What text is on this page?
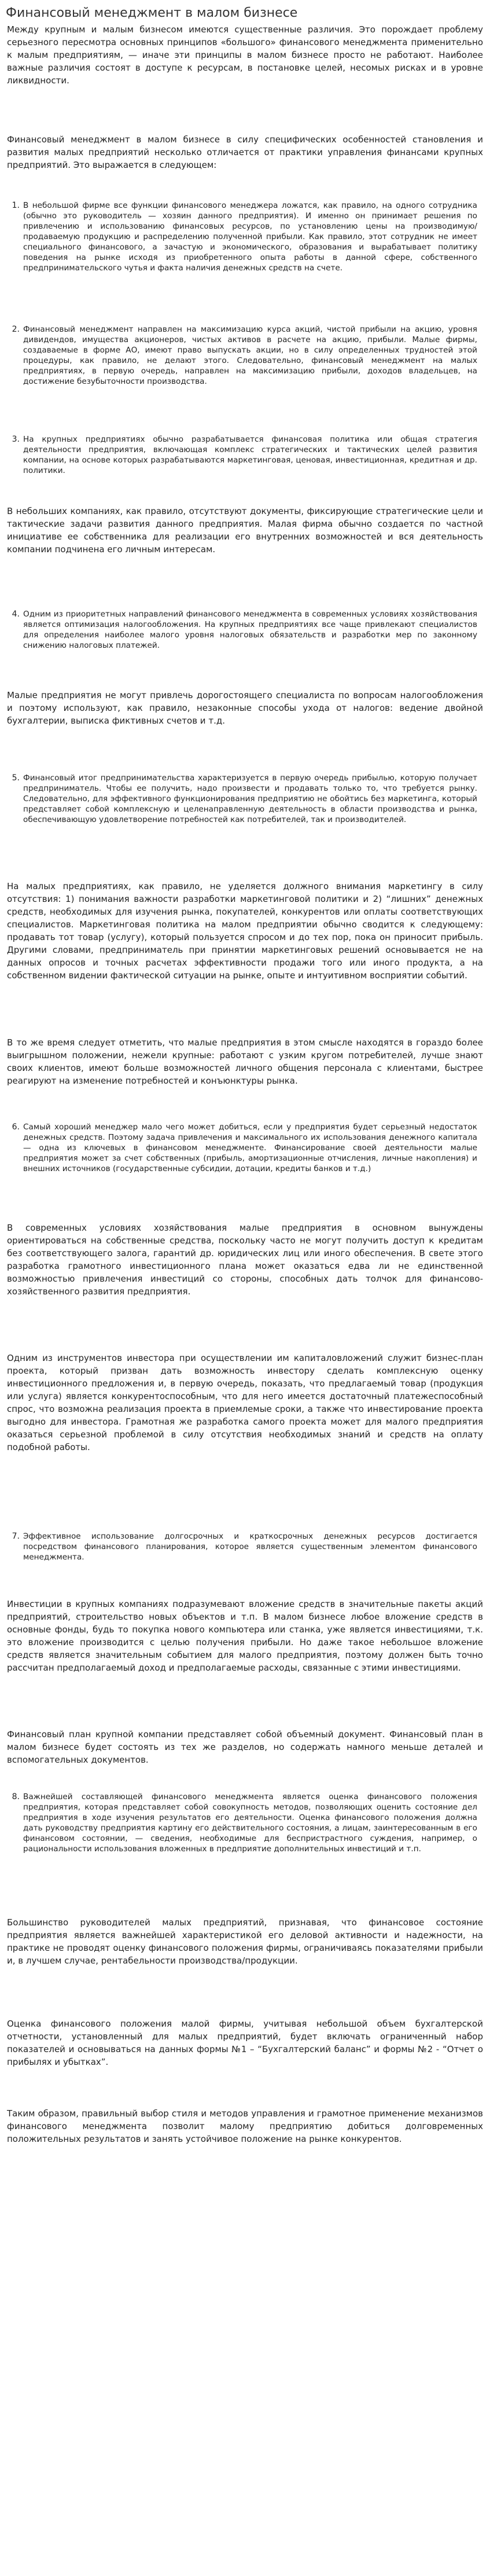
Финансовый менеджмент в малом бизнесе

Между крупным и малым бизнесом имеются существенные различия. Это порождает проблему серьезного пересмотра основных принципов «большого» финансового менеджмента применительно к малым предприятиям, — иначе эти принципы в малом бизнесе просто не работают. Наиболее важные различия состоят в доступе к ресурсам, в постановке целей, несомых рисках и в уровне ликвидности.

Финансовый менеджмент в малом бизнесе в силу специфических особенностей становления и развития малых предприятий несколько отличается от практики управления финансами крупных предприятий. Это выражается в следующем:

1. В небольшой фирме все функции финансового менеджера ложатся, как правило, на одного сотрудника (обычно это руководитель — хозяин данного предприятия). И именно он принимает решения по привлечению и использованию финансовых ресурсов, по установлению цены на производимую/продаваемую продукцию и распределению полученной прибыли. Как правило, этот сотрудник не имеет специального финансового, а зачастую и экономического, образования и вырабатывает политику поведения на рынке исходя из приобретенного опыта работы в данной сфере, собственного предпринимательского чутья и факта наличия денежных средств на счете.
2. Финансовый менеджмент направлен на максимизацию курса акций, чистой прибыли на акцию, уровня дивидендов, имущества акционеров, чистых активов в расчете на акцию, прибыли. Малые фирмы, создаваемые в форме АО, имеют право выпускать акции, но в силу определенных трудностей этой процедуры, как правило, не делают этого. Следовательно, финансовый менеджмент на малых предприятиях, в первую очередь, направлен на максимизацию прибыли, доходов владельцев, на достижение безубыточности производства.
3. На крупных предприятиях обычно разрабатывается финансовая политика или общая стратегия деятельности предприятия, включающая комплекс стратегических и тактических целей развития компании, на основе которых разрабатываются маркетинговая, ценовая, инвестиционная, кредитная и др. политики.

В небольших компаниях, как правило, отсутствуют документы, фиксирующие стратегические цели и тактические задачи развития данного предприятия. Малая фирма обычно создается по частной инициативе ее собственника для реализации его внутренних возможностей и вся деятельность компании подчинена его личным интересам.

4. Одним из приоритетных направлений финансового менеджмента в современных условиях хозяйствования является оптимизация налогообложения. На крупных предприятиях все чаще привлекают специалистов для определения наиболее малого уровня налоговых обязательств и разработки мер по законному снижению налоговых платежей.

Малые предприятия не могут привлечь дорогостоящего специалиста по вопросам налогообложения и поэтому используют, как правило, незаконные способы ухода от налогов: ведение двойной бухгалтерии, выписка фиктивных счетов и т.д.

5. Финансовый итог предпринимательства характеризуется в первую очередь прибылью, которую получает предприниматель. Чтобы ее получить, надо произвести и продавать только то, что требуется рынку. Следовательно, для эффективного функционирования предприятию не обойтись без маркетинга, который представляет собой комплексную и целенаправленную деятельность в области производства и рынка, обеспечивающую удовлетворение потребностей как потребителей, так и производителей.

На малых предприятиях, как правило, не уделяется должного внимания маркетингу в силу отсутствия: 1) понимания важности разработки маркетинговой политики и 2) “лишних” денежных средств, необходимых для изучения рынка, покупателей, конкурентов или оплаты соответствующих специалистов. Маркетинговая политика на малом предприятии обычно сводится к следующему: продавать тот товар (услугу), который пользуется спросом и до тех пор, пока он приносит прибыль. Другими словами, предприниматель при принятии маркетинговых решений основывается не на данных опросов и точных расчетах эффективности продажи того или иного продукта, а на собственном видении фактической ситуации на рынке, опыте и интуитивном восприятии событий.

В то же время следует отметить, что малые предприятия в этом смысле находятся в гораздо более выигрышном положении, нежели крупные: работают с узким кругом потребителей, лучше знают своих клиентов, имеют больше возможностей личного общения персонала с клиентами, быстрее реагируют на изменение потребностей и конъюнктуры рынка.

6. Самый хороший менеджер мало чего может добиться, если у предприятия будет серьезный недостаток денежных средств. Поэтому задача привлечения и максимального их использования денежного капитала — одна из ключевых в финансовом менеджменте. Финансирование своей деятельности малые предприятия может за счет собственных (прибыль, амортизационные отчисления, личные накопления) и внешних источников (государственные субсидии, дотации, кредиты банков и т.д.)

В современных условиях хозяйствования малые предприятия в основном вынуждены ориентироваться на собственные средства, поскольку часто не могут получить доступ к кредитам без соответствующего залога, гарантий др. юридических лиц или иного обеспечения. В свете этого разработка грамотного инвестиционного плана может оказаться едва ли не единственной возможностью привлечения инвестиций со стороны, способных дать толчок для финансово-хозяйственного развития предприятия.

Одним из инструментов инвестора при осуществлении им капиталовложений служит бизнес-план проекта, который призван дать возможность инвестору сделать комплексную оценку инвестиционного предложения и, в первую очередь, показать, что предлагаемый товар (продукция или услуга) является конкурентоспособным, что для него имеется достаточный платежеспособный спрос, что возможна реализация проекта в приемлемые сроки, а также что инвестирование проекта выгодно для инвестора. Грамотная же разработка самого проекта может для малого предприятия оказаться серьезной проблемой в силу отсутствия необходимых знаний и средств на оплату подобной работы.

7. Эффективное использование долгосрочных и краткосрочных денежных ресурсов достигается посредством финансового планирования, которое является существенным элементом финансового менеджмента.

Инвестиции в крупных компаниях подразумевают вложение средств в значительные пакеты акций предприятий, строительство новых объектов и т.п. В малом бизнесе любое вложение средств в основные фонды, будь то покупка нового компьютера или станка, уже является инвестициями, т.к. это вложение производится с целью получения прибыли. Но даже такое небольшое вложение средств является значительным событием для малого предприятия, поэтому должен быть точно рассчитан предполагаемый доход и предполагаемые расходы, связанные с этими инвестициями.

Финансовый план крупной компании представляет собой объемный документ. Финансовый план в малом бизнесе будет состоять из тех же разделов, но содержать намного меньше деталей и вспомогательных документов.

8. Важнейшей составляющей финансового менеджмента является оценка финансового положения предприятия, которая представляет собой совокупность методов, позволяющих оценить состояние дел предприятия в ходе изучения результатов его деятельности. Оценка финансового положения должна дать руководству предприятия картину его действительного состояния, а лицам, заинтересованным в его финансовом состоянии, — сведения, необходимые для беспристрастного суждения, например, о рациональности использования вложенных в предприятие дополнительных инвестиций и т.п.

Большинство руководителей малых предприятий, признавая, что финансовое состояние предприятия является важнейшей характеристикой его деловой активности и надежности, на практике не проводят оценку финансового положения фирмы, ограничиваясь показателями прибыли и, в лучшем случае, рентабельности производства/продукции.

Оценка финансового положения малой фирмы, учитывая небольшой объем бухгалтерской отчетности, установленный для малых предприятий, будет включать ограниченный набор показателей и основываться на данных формы №1 – “Бухгалтерский баланс” и формы №2 - “Отчет о прибылях и убытках”.

Таким образом, правильный выбор стиля и методов управления и грамотное применение механизмов финансового менеджмента позволит малому предприятию добиться долговременных положительных результатов и занять устойчивое положение на рынке конкурентов.
